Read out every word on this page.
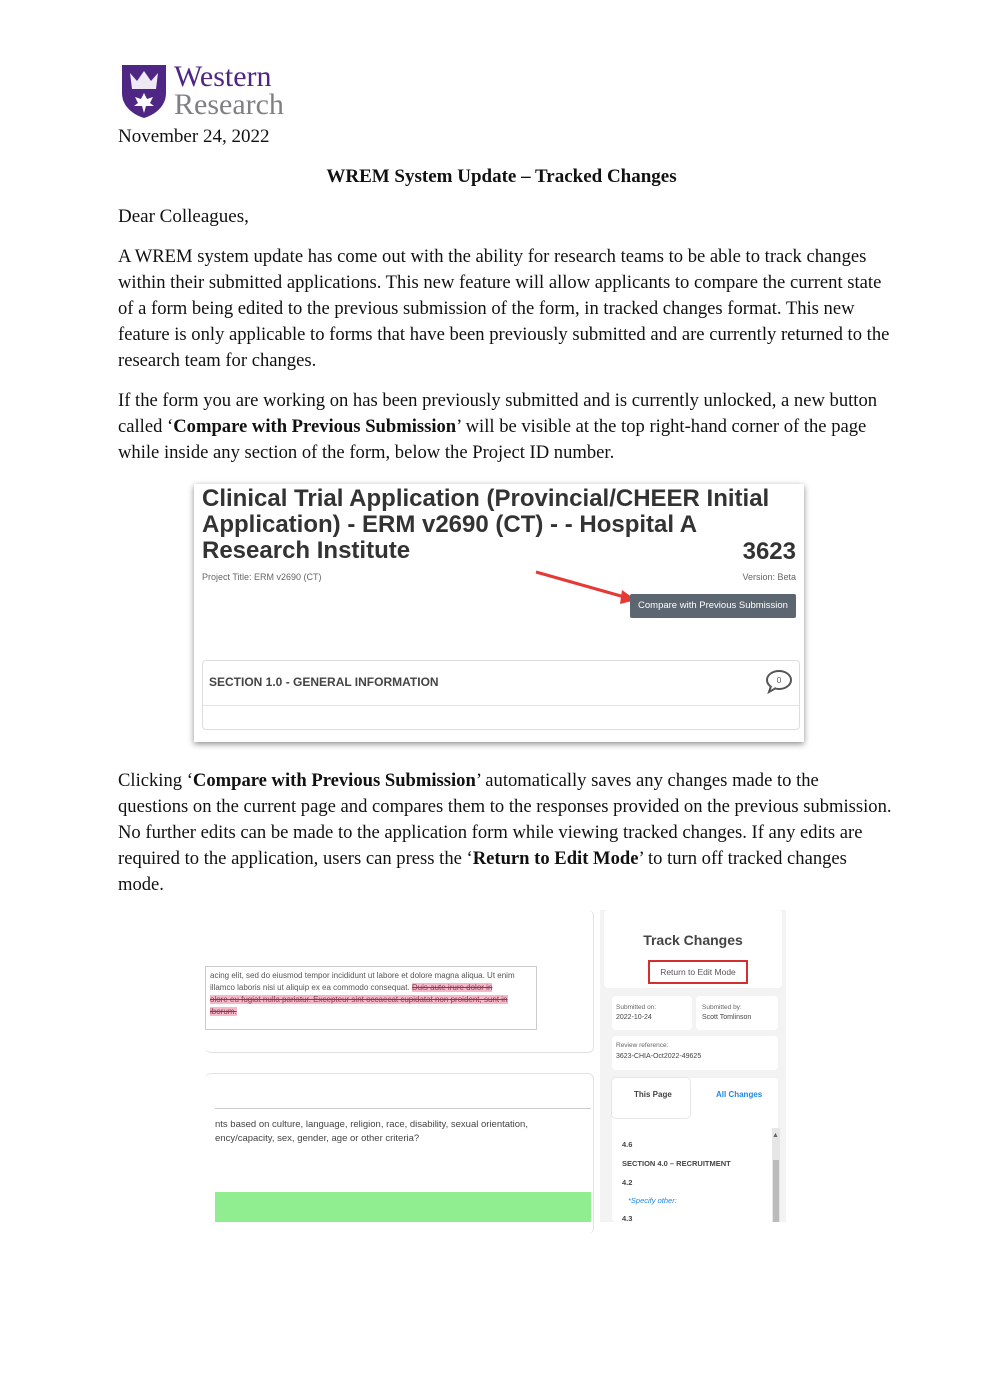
Western
Research

November 24, 2022

WREM System Update – Tracked Changes

Dear Colleagues,

A WREM system update has come out with the ability for research teams to be able to track changes within their submitted applications. This new feature will allow applicants to compare the current state of a form being edited to the previous submission of the form, in tracked changes format. This new feature is only applicable to forms that have been previously submitted and are currently returned to the research team for changes.

If the form you are working on has been previously submitted and is currently unlocked, a new button called ‘Compare with Previous Submission’ will be visible at the top right-hand corner of the page while inside any section of the form, below the Project ID number.

Clinical Trial Application (Provincial/CHEER Initial Application) - ERM v2690 (CT) - - Hospital A Research Institute	3623
Project Title: ERM v2690 (CT)	Version: Beta
Compare with Previous Submission
SECTION 1.0 - GENERAL INFORMATION	0

Clicking ‘Compare with Previous Submission’ automatically saves any changes made to the questions on the current page and compares them to the responses provided on the previous submission. No further edits can be made to the application form while viewing tracked changes. If any edits are required to the application, users can press the ‘Return to Edit Mode’ to turn off tracked changes mode.

acing elit, sed do eiusmod tempor incididunt ut labore et dolore magna aliqua. Ut enim
illamco laboris nisi ut aliquip ex ea commodo consequat. Duis aute irure dolor in
olore eu fugiat nulla pariatur. Excepteur sint occaecat cupidatat non proident, sunt in
iborum.
nts based on culture, language, religion, race, disability, sexual orientation,
ency/capacity, sex, gender, age or other criteria?
Track Changes
Return to Edit Mode
Submitted on:
2022-10-24
Submitted by:
Scott Tomlinson
Review reference:
3623-CHIA-Oct2022-49625
This Page	All Changes
4.6
SECTION 4.0 – RECRUITMENT
4.2
*Specify other:
4.3
▲
